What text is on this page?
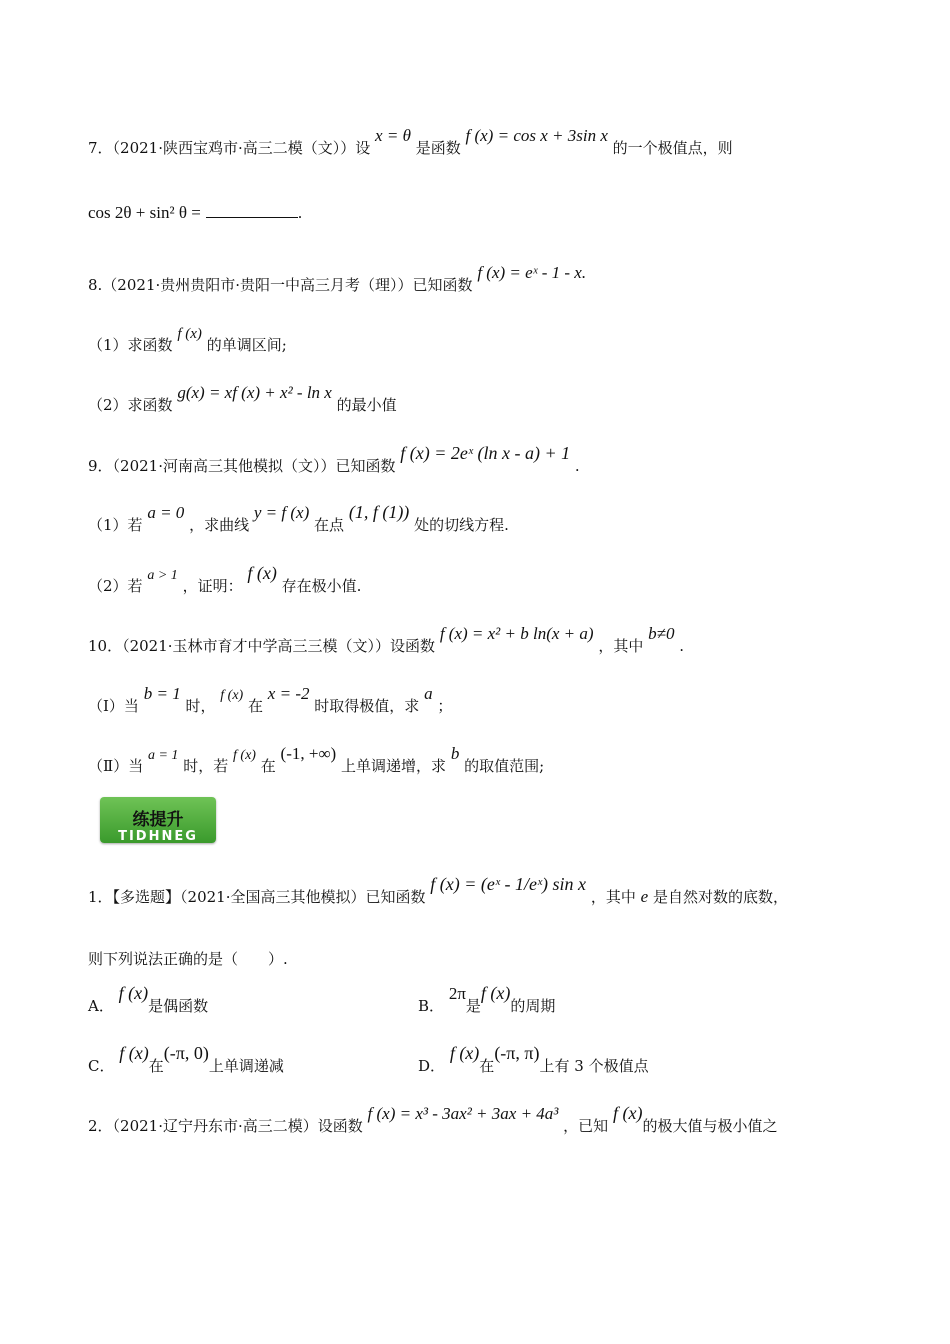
7．（2021·陕西宝鸡市·高三二模（文））设 x = θ 是函数 f (x) = cos x + 3sin x 的一个极值点，则
cos 2θ + sin² θ =	.
8.（2021·贵州贵阳市·贵阳一中高三月考（理））已知函数 f (x) = eˣ - 1 - x.
（1）求函数 f (x) 的单调区间;
（2）求函数 g(x) = xf (x) + x² - ln x 的最小值
9．（2021·河南高三其他模拟（文））已知函数 f (x) = 2eˣ (ln x - a) + 1 .
（1）若 a = 0 ，求曲线 y = f (x) 在点 (1, f (1)) 处的切线方程.
（2）若 a > 1 ，证明： f (x) 存在极小值.
10．（2021·玉林市育才中学高三三模（文））设函数 f (x) = x² + b ln(x + a) ，其中 b≠0 .
（Ⅰ）当 b = 1 时， f (x) 在 x = -2 时取得极值，求 a ；
（Ⅱ）当 a = 1 时，若 f (x) 在 (-1, +∞) 上单调递增，求 b 的取值范围;
练提升
TIDHNEG
1．【多选题】（2021·全国高三其他模拟）已知函数 f (x) = (eˣ - 1/eˣ) sin x ，其中 e 是自然对数的底数，
则下列说法正确的是（　　）.
A． f (x)是偶函数	B． 2π是f (x)的周期
C． f (x)在(-π, 0)上单调递减	D． f (x)在(-π, π)上有 3 个极值点
2．（2021·辽宁丹东市·高三二模）设函数 f (x) = x³ - 3ax² + 3ax + 4a³ ，已知 f (x)的极大值与极小值之
